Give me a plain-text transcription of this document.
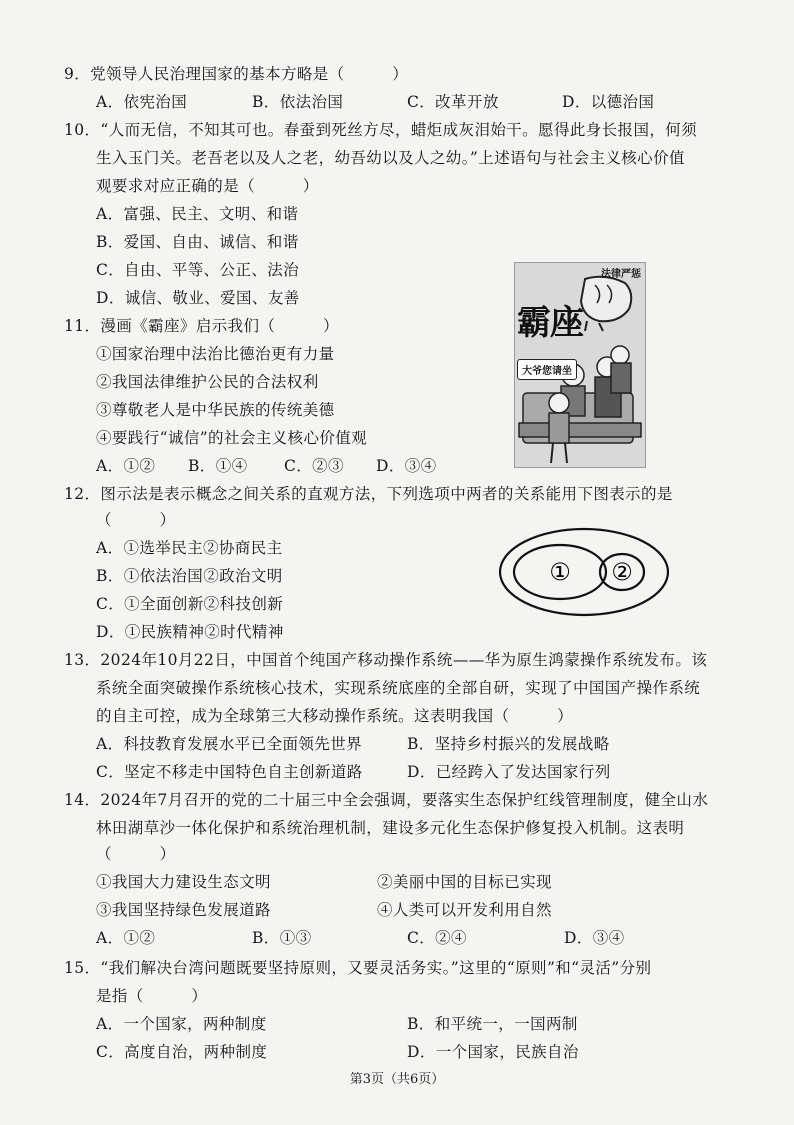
9．党领导人民治理国家的基本方略是（　　　）
A．依宪治国	B．依法治国	C．改革开放	D．以德治国
10．“人而无信，不知其可也。春蚕到死丝方尽，蜡炬成灰泪始干。愿得此身长报国，何须
生入玉门关。老吾老以及人之老，幼吾幼以及人之幼。”上述语句与社会主义核心价值
观要求对应正确的是（　　　）
A．富强、民主、文明、和谐
B．爱国、自由、诚信、和谐
C．自由、平等、公正、法治
D．诚信、敬业、爱国、友善
11．漫画《霸座》启示我们（　　　）
①国家治理中法治比德治更有力量
②我国法律维护公民的合法权利
③尊敬老人是中华民族的传统美德
④要践行“诚信”的社会主义核心价值观
A．①② B．①④ C．②③ D．③④
法律严惩
霸座
大爷您请坐
12．图示法是表示概念之间关系的直观方法，下列选项中两者的关系能用下图表示的是
（　　　）
A．①选举民主②协商民主
B．①依法治国②政治文明
C．①全面创新②科技创新
D．①民族精神②时代精神
① ②
13．2024年10月22日，中国首个纯国产移动操作系统——华为原生鸿蒙操作系统发布。该
系统全面突破操作系统核心技术，实现系统底座的全部自研，实现了中国国产操作系统
的自主可控，成为全球第三大移动操作系统。这表明我国（　　　）
A．科技教育发展水平已全面领先世界	B．坚持乡村振兴的发展战略
C．坚定不移走中国特色自主创新道路	D．已经跨入了发达国家行列
14．2024年7月召开的党的二十届三中全会强调，要落实生态保护红线管理制度，健全山水
林田湖草沙一体化保护和系统治理机制，建设多元化生态保护修复投入机制。这表明
（　　　）
①我国大力建设生态文明	②美丽中国的目标已实现
③我国坚持绿色发展道路	④人类可以开发利用自然
A．①②	B．①③	C．②④	D．③④
15．“我们解决台湾问题既要坚持原则，又要灵活务实。”这里的“原则”和“灵活”分别
是指（　　　）
A．一个国家，两种制度	B．和平统一，一国两制
C．高度自治，两种制度	D．一个国家，民族自治
第3页（共6页）
